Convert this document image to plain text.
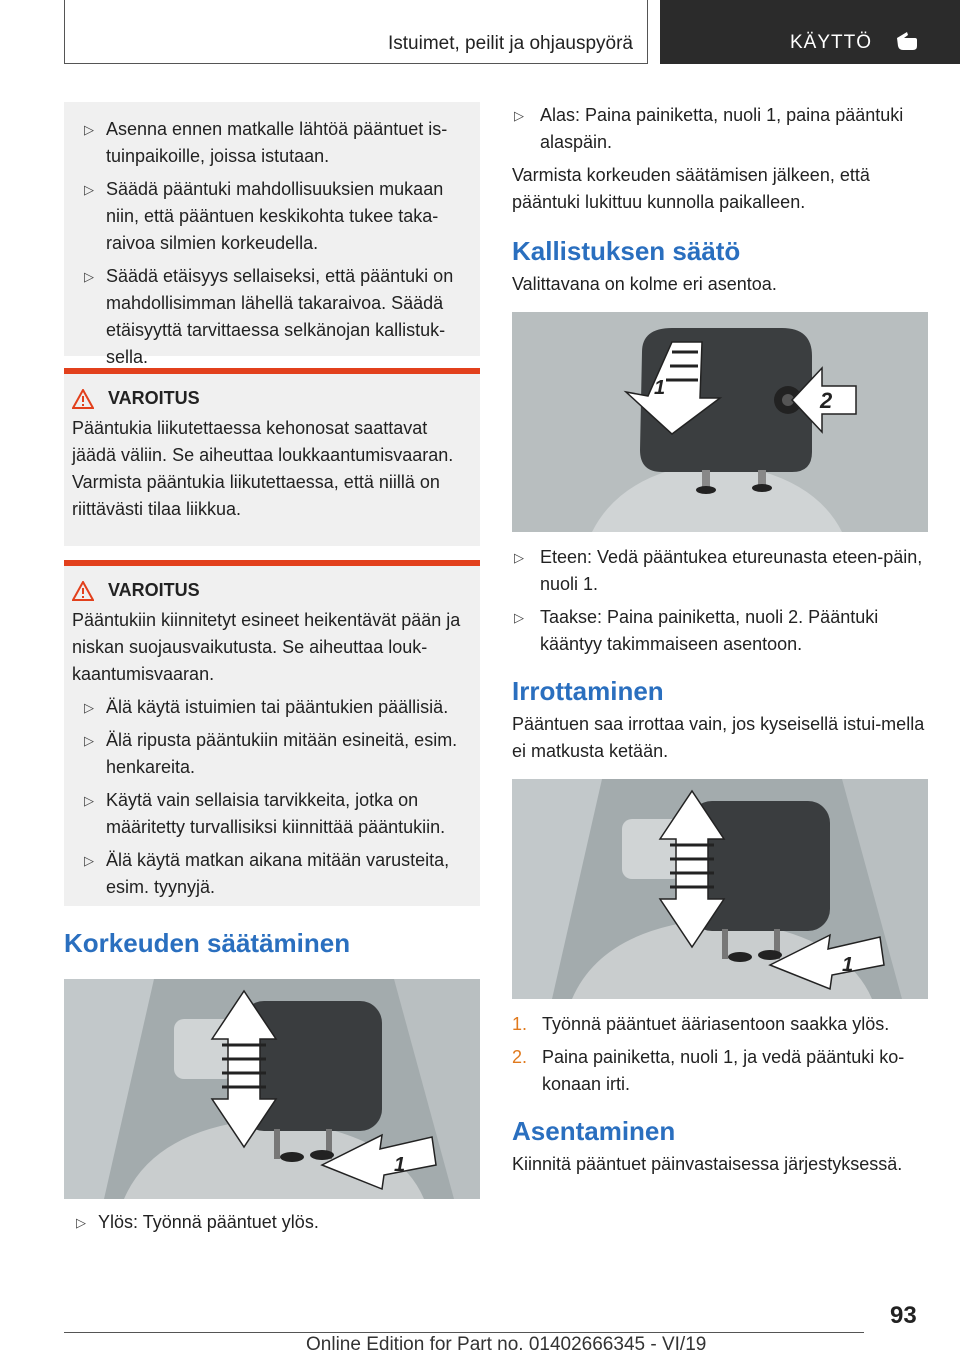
Istuimet, peilit ja ohjauspyörä	KÄYTTÖ
▷ Asenna ennen matkalle lähtöä pääntuet is-tuinpaikoille, joissa istutaan.
▷ Säädä pääntuki mahdollisuuksien mukaan niin, että pääntuen keskikohta tukee taka-raivoa silmien korkeudella.
▷ Säädä etäisyys sellaiseksi, että pääntuki on mahdollisimman lähellä takaraivoa. Säädä etäisyyttä tarvittaessa selkänojan kallistuk-sella.
VAROITUS
Pääntukia liikutettaessa kehonosat saattavat jäädä väliin. Se aiheuttaa loukkaantumisvaaran. Varmista pääntukia liikutettaessa, että niillä on riittävästi tilaa liikkua.
VAROITUS
Pääntukiin kiinnitetyt esineet heikentävät pään ja niskan suojausvaikutusta. Se aiheuttaa louk-kaantumisvaaran.
▷ Älä käytä istuimien tai pääntukien päällisiä.
▷ Älä ripusta pääntukiin mitään esineitä, esim. henkareita.
▷ Käytä vain sellaisia tarvikkeita, jotka on määritetty turvallisiksi kiinnittää pääntukiin.
▷ Älä käytä matkan aikana mitään varusteita, esim. tyynyjä.
Korkeuden säätäminen
1
▷ Ylös: Työnnä pääntuet ylös.
▷ Alas: Paina painiketta, nuoli 1, paina pääntuki alaspäin.
Varmista korkeuden säätämisen jälkeen, että pääntuki lukittuu kunnolla paikalleen.
Kallistuksen säätö
Valittavana on kolme eri asentoa.
1	2
▷ Eteen: Vedä pääntukea etureunasta eteen-päin, nuoli 1.
▷ Taakse: Paina painiketta, nuoli 2. Pääntuki kääntyy takimmaiseen asentoon.
Irrottaminen
Pääntuen saa irrottaa vain, jos kyseisellä istui-mella ei matkusta ketään.
1
1. Työnnä pääntuet ääriasentoon saakka ylös.
2. Paina painiketta, nuoli 1, ja vedä pääntuki ko-konaan irti.
Asentaminen
Kiinnitä pääntuet päinvastaisessa järjestyksessä.
93
Online Edition for Part no. 01402666345 - VI/19
